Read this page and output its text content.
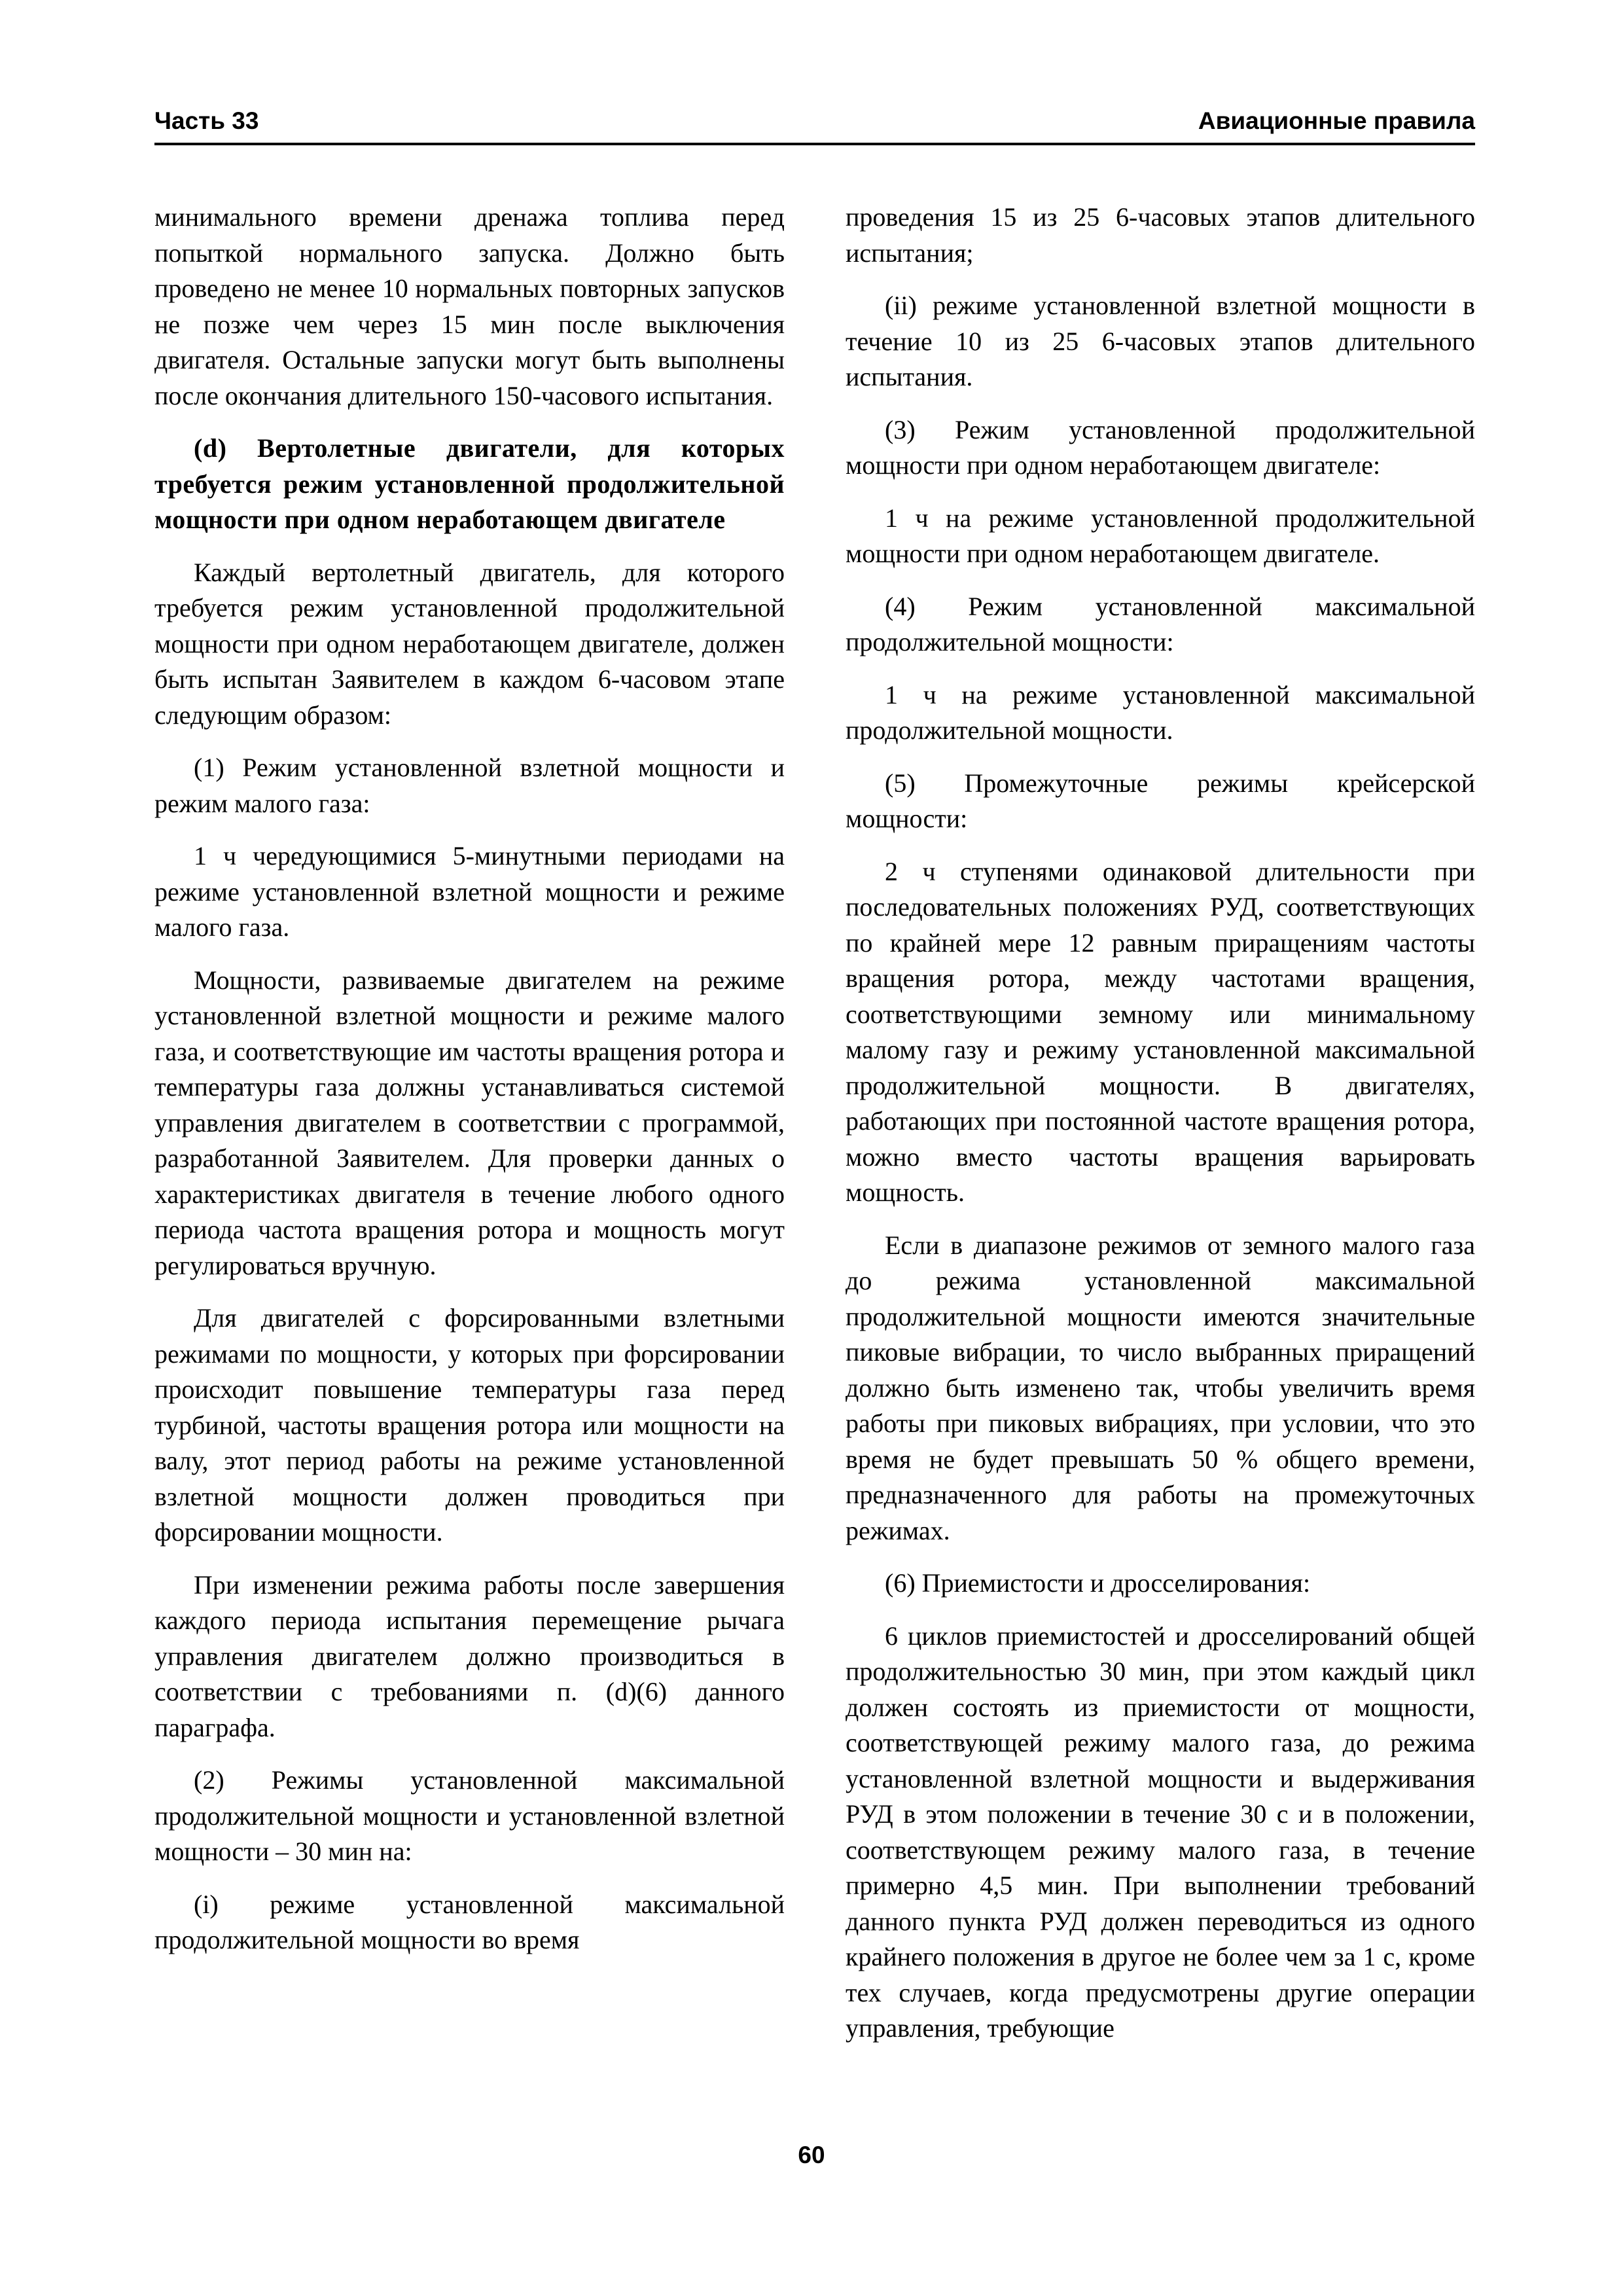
Часть 33	Авиационные правила

минимального времени дренажа топлива перед попыткой нормального запуска. Должно быть проведено не менее 10 нормальных повторных запусков не позже чем через 15 мин после выключения двигателя. Остальные запуски могут быть выполнены после окончания длительного 150-часового испытания.

(d) Вертолетные двигатели, для которых требуется режим установленной продолжительной мощности при одном неработающем двигателе

Каждый вертолетный двигатель, для которого требуется режим установленной продолжительной мощности при одном неработающем двигателе, должен быть испытан Заявителем в каждом 6-часовом этапе следующим образом:

(1) Режим установленной взлетной мощности и режим малого газа:

1 ч чередующимися 5-минутными периодами на режиме установленной взлетной мощности и режиме малого газа.

Мощности, развиваемые двигателем на режиме установленной взлетной мощности и режиме малого газа, и соответствующие им частоты вращения ротора и температуры газа должны устанавливаться системой управления двигателем в соответствии с программой, разработанной Заявителем. Для проверки данных о характеристиках двигателя в течение любого одного периода частота вращения ротора и мощность могут регулироваться вручную.

Для двигателей с форсированными взлетными режимами по мощности, у которых при форсировании происходит повышение температуры газа перед турбиной, частоты вращения ротора или мощности на валу, этот период работы на режиме установленной взлетной мощности должен проводиться при форсировании мощности.

При изменении режима работы после завершения каждого периода испытания перемещение рычага управления двигателем должно производиться в соответствии с требованиями п. (d)(6) данного параграфа.

(2) Режимы установленной максимальной продолжительной мощности и установленной взлетной мощности – 30 мин на:

(i) режиме установленной максимальной продолжительной мощности во время

проведения 15 из 25 6-часовых этапов длительного испытания;

(ii) режиме установленной взлетной мощности в течение 10 из 25 6-часовых этапов длительного испытания.

(3) Режим установленной продолжительной мощности при одном неработающем двигателе:

1 ч на режиме установленной продолжительной мощности при одном неработающем двигателе.

(4) Режим установленной максимальной продолжительной мощности:

1 ч на режиме установленной максимальной продолжительной мощности.

(5) Промежуточные режимы крейсерской мощности:

2 ч ступенями одинаковой длительности при последовательных положениях РУД, соответствующих по крайней мере 12 равным приращениям частоты вращения ротора, между частотами вращения, соответствующими земному или минимальному малому газу и режиму установленной максимальной продолжительной мощности. В двигателях, работающих при постоянной частоте вращения ротора, можно вместо частоты вращения варьировать мощность.

Если в диапазоне режимов от земного малого газа до режима установленной максимальной продолжительной мощности имеются значительные пиковые вибрации, то число выбранных приращений должно быть изменено так, чтобы увеличить время работы при пиковых вибрациях, при условии, что это время не будет превышать 50 % общего времени, предназначенного для работы на промежуточных режимах.

(6) Приемистости и дросселирования:

6 циклов приемистостей и дросселирований общей продолжительностью 30 мин, при этом каждый цикл должен состоять из приемистости от мощности, соответствующей режиму малого газа, до режима установленной взлетной мощности и выдерживания РУД в этом положении в течение 30 с и в положении, соответствующем режиму малого газа, в течение примерно 4,5 мин. При выполнении требований данного пункта РУД должен переводиться из одного крайнего положения в другое не более чем за 1 с, кроме тех случаев, когда предусмотрены другие операции управления, требующие

60
